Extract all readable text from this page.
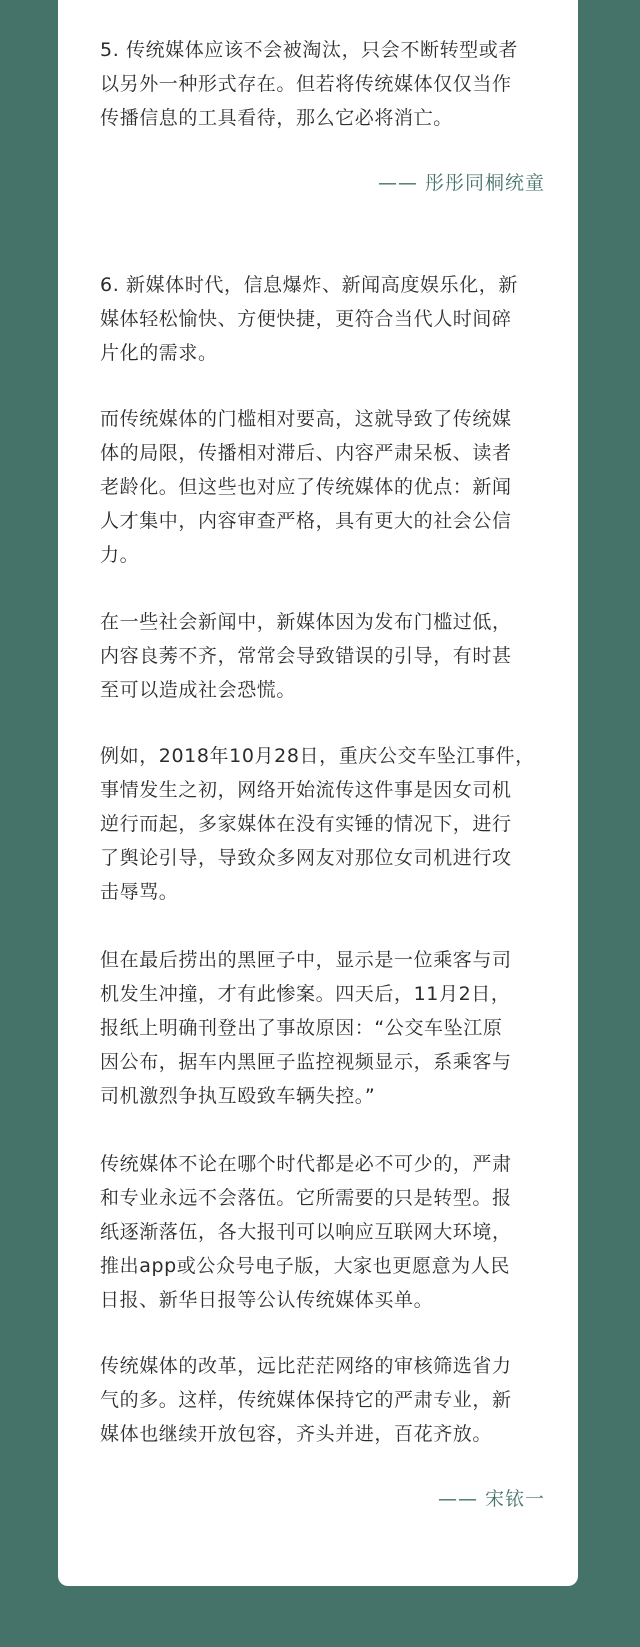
5. 传统媒体应该不会被淘汰，只会不断转型或者
以另外一种形式存在。但若将传统媒体仅仅当作
传播信息的工具看待，那么它必将消亡。

—— 彤彤同桐统童

6. 新媒体时代，信息爆炸、新闻高度娱乐化，新
媒体轻松愉快、方便快捷，更符合当代人时间碎
片化的需求。

而传统媒体的门槛相对要高，这就导致了传统媒
体的局限，传播相对滞后、内容严肃呆板、读者
老龄化。但这些也对应了传统媒体的优点：新闻
人才集中，内容审查严格，具有更大的社会公信
力。

在一些社会新闻中，新媒体因为发布门槛过低，
内容良莠不齐，常常会导致错误的引导，有时甚
至可以造成社会恐慌。

例如，2018年10月28日，重庆公交车坠江事件，
事情发生之初，网络开始流传这件事是因女司机
逆行而起，多家媒体在没有实锤的情况下，进行
了舆论引导，导致众多网友对那位女司机进行攻
击辱骂。

但在最后捞出的黑匣子中，显示是一位乘客与司
机发生冲撞，才有此惨案。四天后，11月2日，
报纸上明确刊登出了事故原因：“公交车坠江原
因公布，据车内黑匣子监控视频显示，系乘客与
司机激烈争执互殴致车辆失控。”

传统媒体不论在哪个时代都是必不可少的，严肃
和专业永远不会落伍。它所需要的只是转型。报
纸逐渐落伍，各大报刊可以响应互联网大环境，
推出app或公众号电子版，大家也更愿意为人民
日报、新华日报等公认传统媒体买单。

传统媒体的改革，远比茫茫网络的审核筛选省力
气的多。这样，传统媒体保持它的严肃专业，新
媒体也继续开放包容，齐头并进，百花齐放。

—— 宋铱一
